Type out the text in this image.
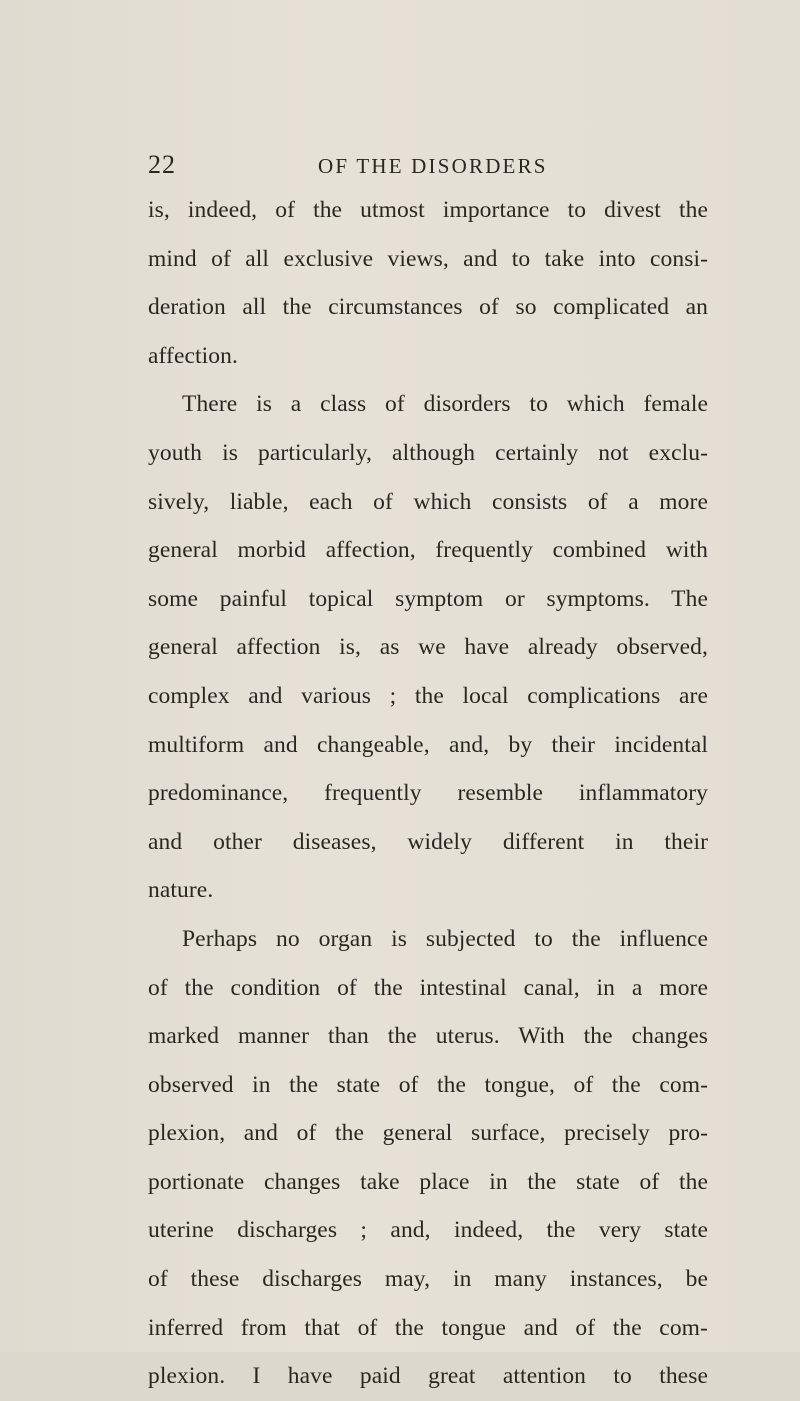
22	OF THE DISORDERS
is, indeed, of the utmost importance to divest the
mind of all exclusive views, and to take into consi-
deration all the circumstances of so complicated an
affection.
There is a class of disorders to which female
youth is particularly, although certainly not exclu-
sively, liable, each of which consists of a more
general morbid affection, frequently combined with
some painful topical symptom or symptoms. The
general affection is, as we have already observed,
complex and various ; the local complications are
multiform and changeable, and, by their incidental
predominance, frequently resemble inflammatory
and other diseases, widely different in their
nature.
Perhaps no organ is subjected to the influence
of the condition of the intestinal canal, in a more
marked manner than the uterus. With the changes
observed in the state of the tongue, of the com-
plexion, and of the general surface, precisely pro-
portionate changes take place in the state of the
uterine discharges ; and, indeed, the very state
of these discharges may, in many instances, be
inferred from that of the tongue and of the com-
plexion. I have paid great attention to these
